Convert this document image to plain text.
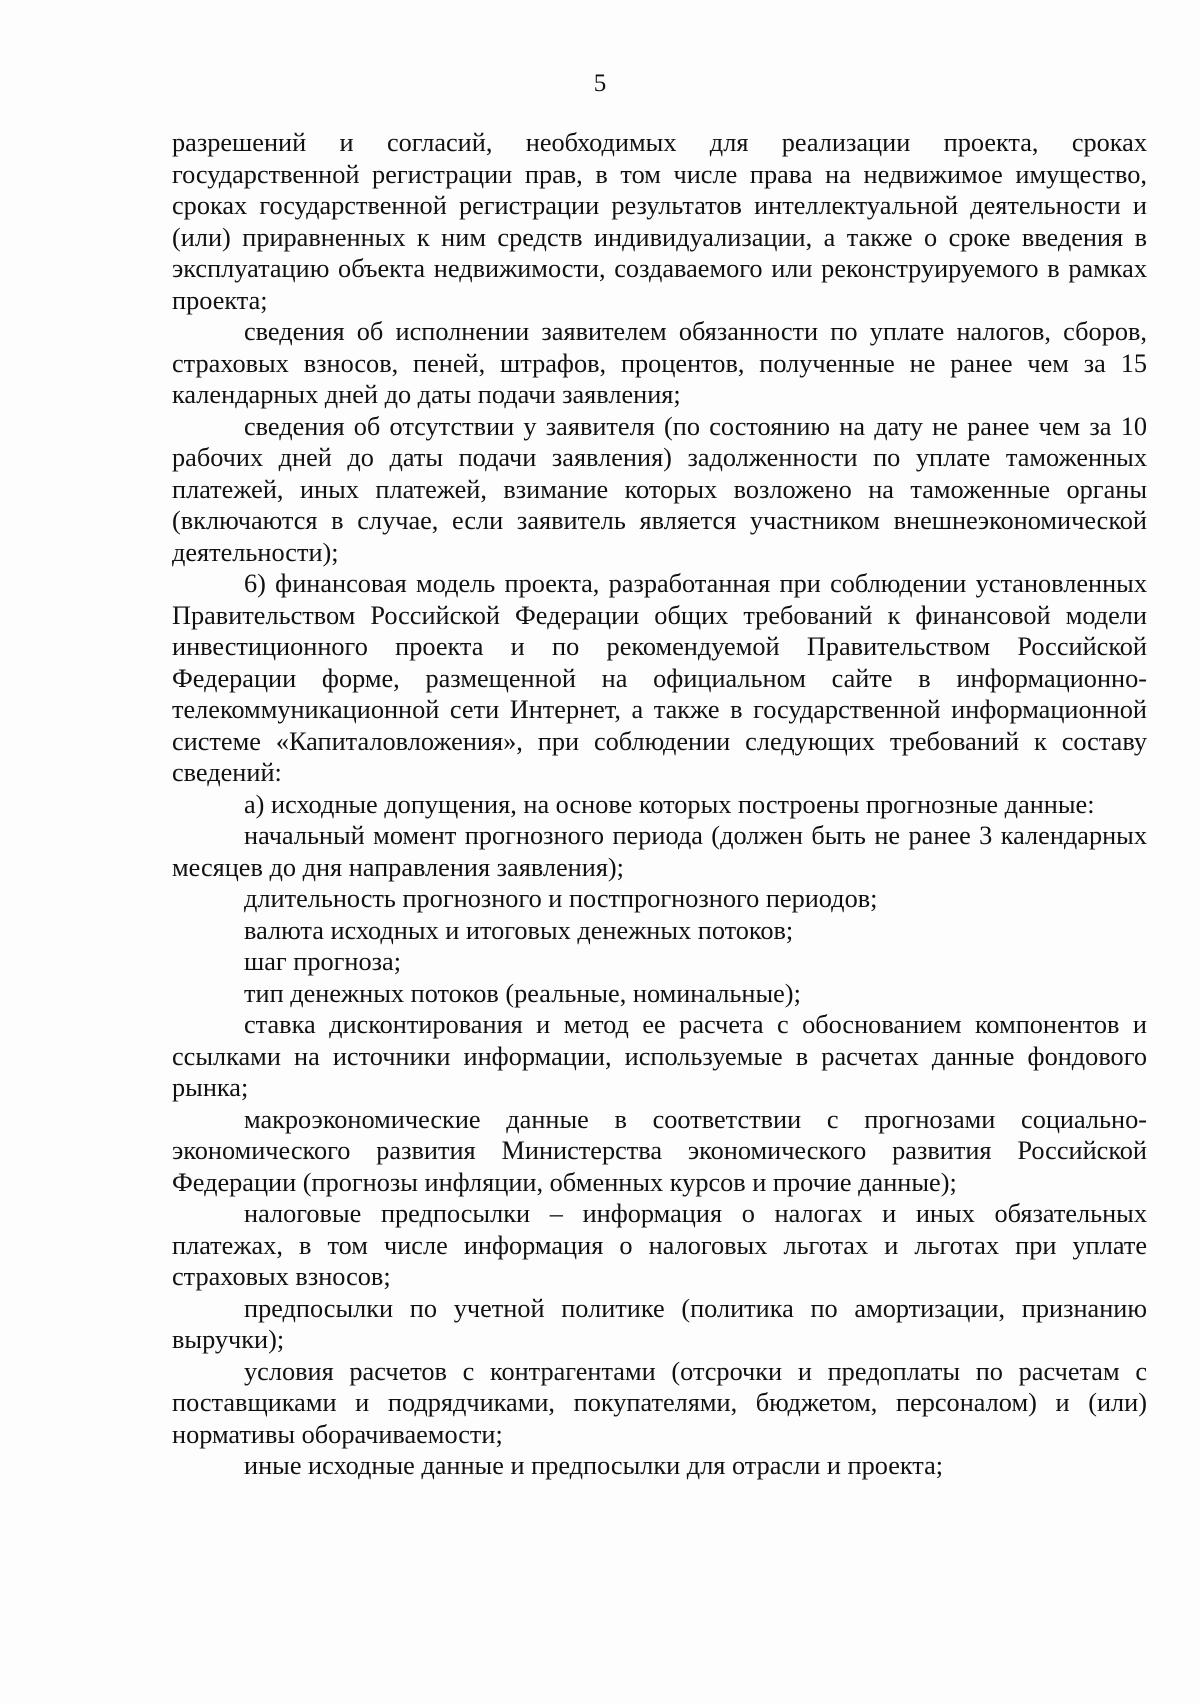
5

разрешений и согласий, необходимых для реализации проекта, сроках государственной регистрации прав, в том числе права на недвижимое имущество, сроках государственной регистрации результатов интеллектуальной деятельности и (или) приравненных к ним средств индивидуализации, а также о сроке введения в эксплуатацию объекта недвижимости, создаваемого или реконструируемого в рамках проекта;

сведения об исполнении заявителем обязанности по уплате налогов, сборов, страховых взносов, пеней, штрафов, процентов, полученные не ранее чем за 15 календарных дней до даты подачи заявления;

сведения об отсутствии у заявителя (по состоянию на дату не ранее чем за 10 рабочих дней до даты подачи заявления) задолженности по уплате таможенных платежей, иных платежей, взимание которых возложено на таможенные органы (включаются в случае, если заявитель является участником внешнеэкономической деятельности);

6) финансовая модель проекта, разработанная при соблюдении установленных Правительством Российской Федерации общих требований к финансовой модели инвестиционного проекта и по рекомендуемой Правительством Российской Федерации форме, размещенной на официальном сайте в информационно-телекоммуникационной сети Интернет, а также в государственной информационной системе «Капиталовложения», при соблюдении следующих требований к составу сведений:

а) исходные допущения, на основе которых построены прогнозные данные:

начальный момент прогнозного периода (должен быть не ранее 3 календарных месяцев до дня направления заявления);

длительность прогнозного и постпрогнозного периодов;

валюта исходных и итоговых денежных потоков;

шаг прогноза;

тип денежных потоков (реальные, номинальные);

ставка дисконтирования и метод ее расчета с обоснованием компонентов и ссылками на источники информации, используемые в расчетах данные фондового рынка;

макроэкономические данные в соответствии с прогнозами социально-экономического развития Министерства экономического развития Российской Федерации (прогнозы инфляции, обменных курсов и прочие данные);

налоговые предпосылки – информация о налогах и иных обязательных платежах, в том числе информация о налоговых льготах и льготах при уплате страховых взносов;

предпосылки по учетной политике (политика по амортизации, признанию выручки);

условия расчетов с контрагентами (отсрочки и предоплаты по расчетам с поставщиками и подрядчиками, покупателями, бюджетом, персоналом) и (или) нормативы оборачиваемости;

иные исходные данные и предпосылки для отрасли и проекта;
